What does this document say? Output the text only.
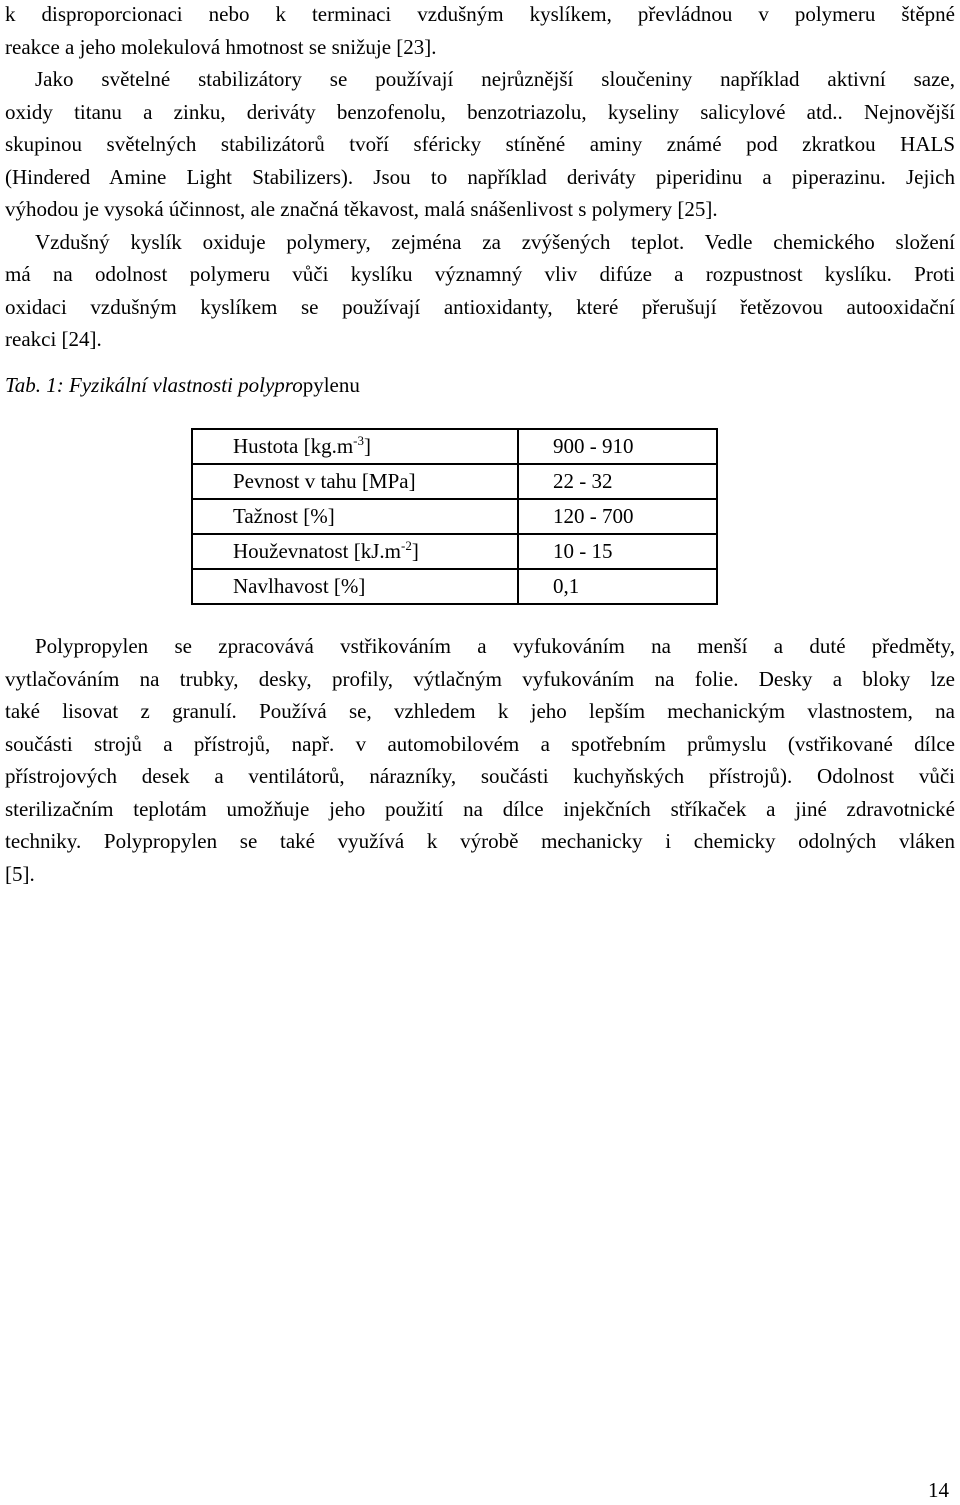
k disproporcionaci nebo k terminaci vzdušným kyslíkem, převládnou v polymeru štěpné
reakce a jeho molekulová hmotnost se snižuje [23].
Jako světelné stabilizátory se používají nejrůznější sloučeniny například aktivní saze,
oxidy titanu a zinku, deriváty benzofenolu, benzotriazolu, kyseliny salicylové atd.. Nejnovější
skupinou světelných stabilizátorů tvoří sféricky stíněné aminy známé pod zkratkou HALS
(Hindered Amine Light Stabilizers). Jsou to například deriváty piperidinu a piperazinu. Jejich
výhodou je vysoká účinnost, ale značná těkavost, malá snášenlivost s polymery [25].
Vzdušný kyslík oxiduje polymery, zejména za zvýšených teplot. Vedle chemického složení
má na odolnost polymeru vůči kyslíku významný vliv difúze a rozpustnost kyslíku. Proti
oxidaci vzdušným kyslíkem se používají antioxidanty, které přerušují řetězovou autooxidační
reakci [24].

Tab. 1: Fyzikální vlastnosti polypropylenu

Hustota $[kg.m^{-3}]$	900 - 910
Pevnost v tahu [MPa]	22 - 32
Tažnost [%]	120 - 700
Houževnatost $[kJ.m^{-2}]$	10 - 15
Navlhavost [%]	0,1
Polypropylen se zpracovává vstřikováním a vyfukováním na menší a duté předměty,
vytlačováním na trubky, desky, profily, výtlačným vyfukováním na folie. Desky a bloky lze
také lisovat z granulí. Používá se, vzhledem k jeho lepším mechanickým vlastnostem, na
součásti strojů a přístrojů, např. v automobilovém a spotřebním průmyslu (vstřikované dílce
přístrojových desek a ventilátorů, nárazníky, součásti kuchyňských přístrojů). Odolnost vůči
sterilizačním teplotám umožňuje jeho použití na dílce injekčních stříkaček a jiné zdravotnické
techniky. Polypropylen se také využívá k výrobě mechanicky i chemicky odolných vláken
[5].

14
